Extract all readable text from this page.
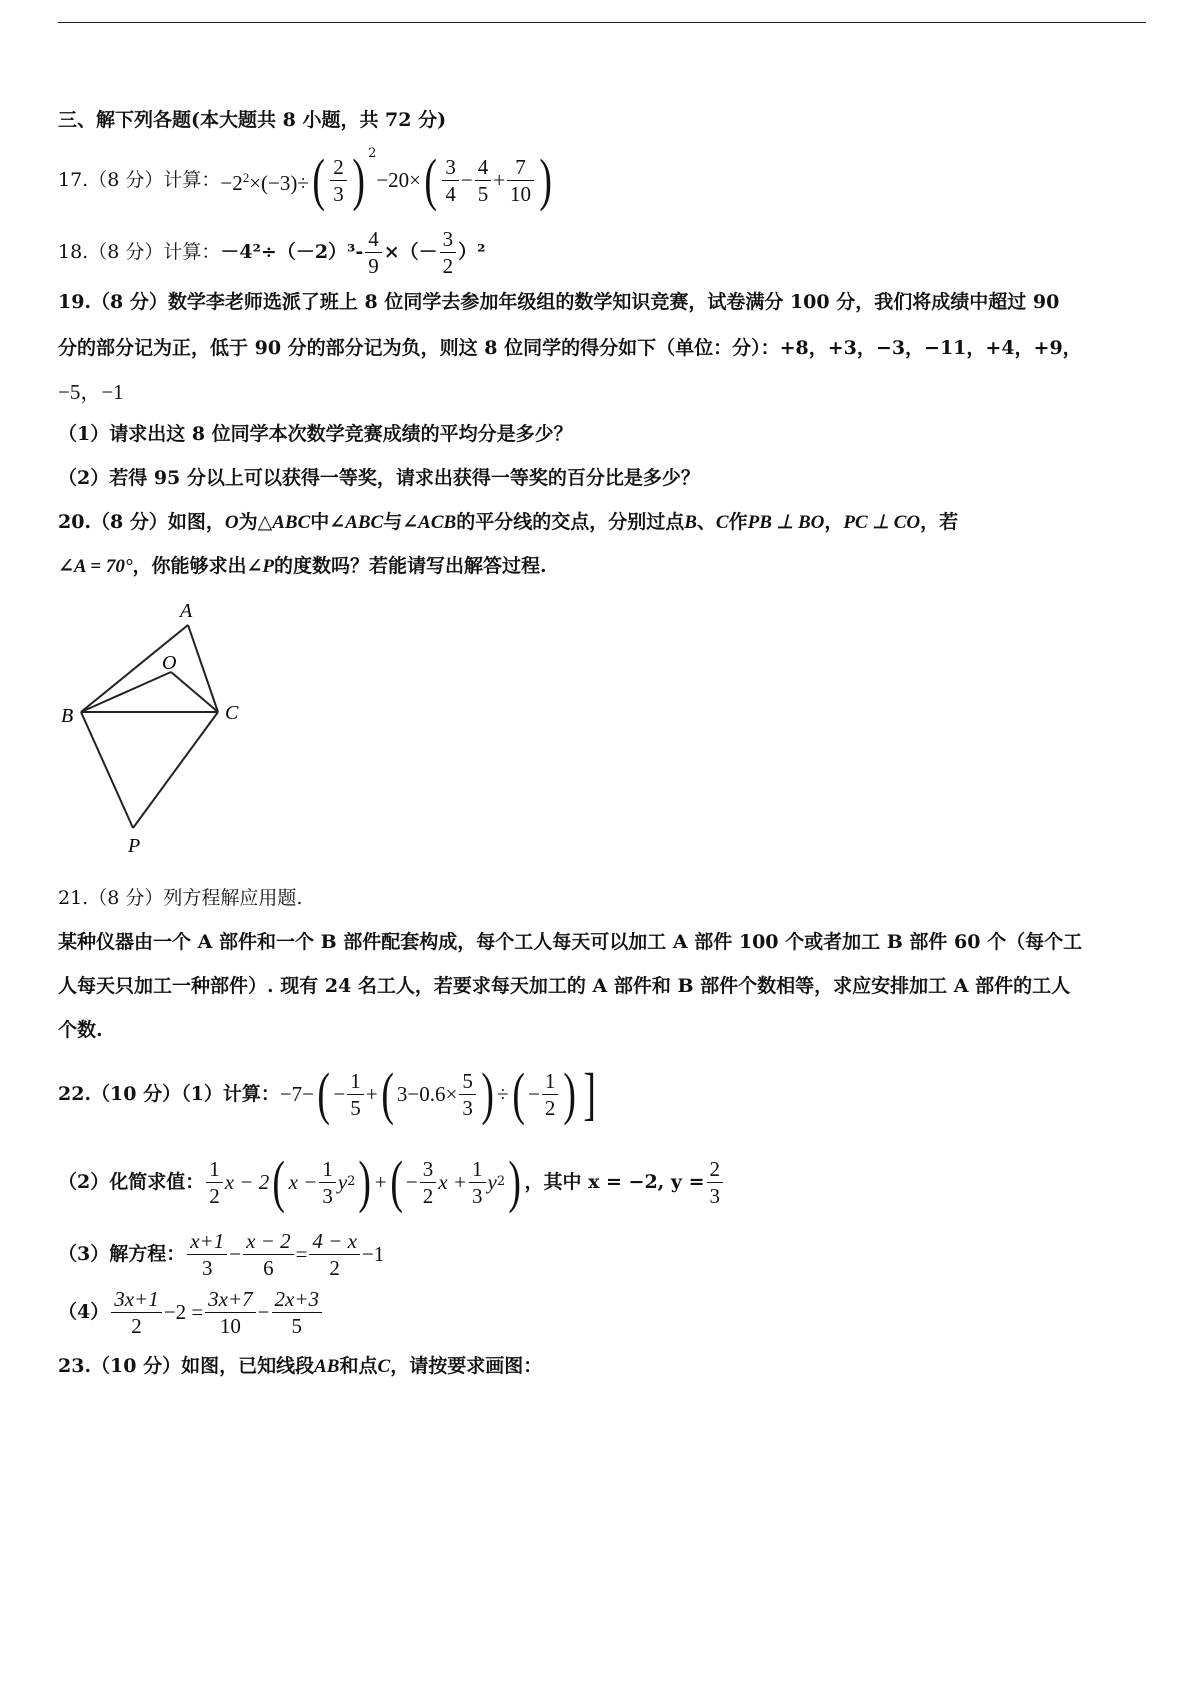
三、解下列各题(本大题共 8 小题，共 72 分)
17.（8 分）计算： $-2^2\times(-3)\div$ ( $\frac{2}{3}$ ) 2
−20× ( $\frac{3}{4} - \frac{4}{5} + \frac{7}{10}$ )
18.（8 分）计算： $-4^2\div(-2)^3- \frac{4}{9}$ ×（－ $\frac{3}{2} )^2$
19.（8 分）数学李老师选派了班上 8 位同学去参加年级组的数学知识竞赛，试卷满分 100 分，我们将成绩中超过 90
分的部分记为正，低于 90 分的部分记为负，则这 8 位同学的得分如下（单位：分）：+8，+3，−3，−11，+4，+9，
−5，−1
（1）请求出这 8 位同学本次数学竞赛成绩的平均分是多少？
（2）若得 95 分以上可以获得一等奖，请求出获得一等奖的百分比是多少？
20.（8 分）如图，O为△ABC中∠ABC与∠ACB的平分线的交点，分别过点B、C作PB ⊥ BO，PC ⊥ CO，若
∠A = 70°，你能够求出∠P的度数吗？若能请写出解答过程.
A
O
B	C
P
21.（8 分）列方程解应用题.
某种仪器由一个 A 部件和一个 B 部件配套构成，每个工人每天可以加工 A 部件 100 个或者加工 B 部件 60 个（每个工
人每天只加工一种部件）. 现有 24 名工人，若要求每天加工的 A 部件和 B 部件个数相等，求应安排加工 A 部件的工人
个数.
22.（10 分）（1）计算： −7− ( − $\frac{1}{5}$ + ( $3-0.6\times \frac{5}{3}$ ) ÷ ( − $\frac{1}{2}$ ) ]
（2）化简求值： $\frac{1}{2}$ x − 2 ( $x - \frac{1}{3}$ y 2 ) + ( − $\frac{3}{2}$ $x + \frac{1}{3}$ y 2 ) ，其中 x = −2, $y = \frac{2}{3}$
（3）解方程： $\frac{x+1}{3} - \frac{x - 2}{6} = \frac{4 - x}{2} -1$
$(4) \frac{3x+1}{2} -2 = \frac{3x+7}{10} - \frac{2x+3}{5}$
23.（10 分）如图，已知线段AB和点C，请按要求画图：
